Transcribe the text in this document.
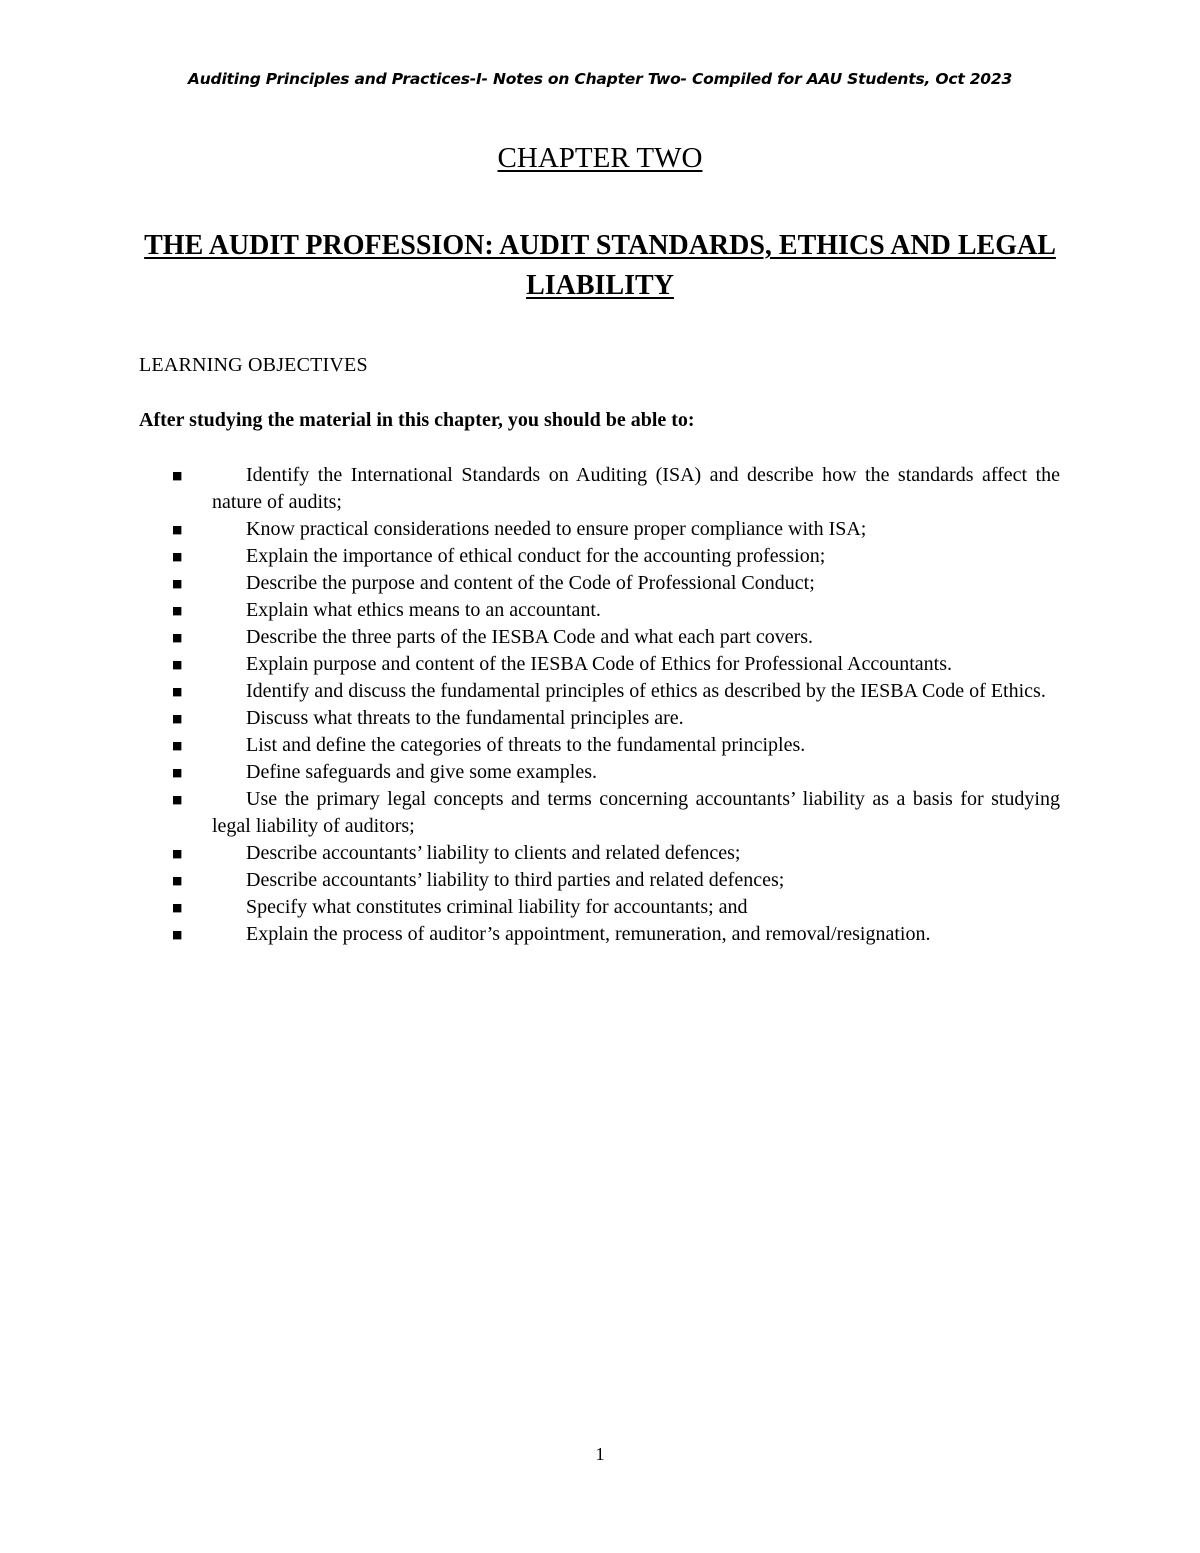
Auditing Principles and Practices-I- Notes on Chapter Two- Compiled for AAU Students, Oct 2023
CHAPTER TWO
THE AUDIT PROFESSION: AUDIT STANDARDS, ETHICS AND LEGAL LIABILITY
LEARNING OBJECTIVES
After studying the material in this chapter, you should be able to:
■	Identify the International Standards on Auditing (ISA) and describe how the standards affect the nature of audits;
■	Know practical considerations needed to ensure proper compliance with ISA;
■	Explain the importance of ethical conduct for the accounting profession;
■	Describe the purpose and content of the Code of Professional Conduct;
■	Explain what ethics means to an accountant.
■	Describe the three parts of the IESBA Code and what each part covers.
■	Explain purpose and content of the IESBA Code of Ethics for Professional Accountants.
■	Identify and discuss the fundamental principles of ethics as described by the IESBA Code of Ethics.
■	Discuss what threats to the fundamental principles are.
■	List and define the categories of threats to the fundamental principles.
■	Define safeguards and give some examples.
■	Use the primary legal concepts and terms concerning accountants’ liability as a basis for studying legal liability of auditors;
■	Describe accountants’ liability to clients and related defences;
■	Describe accountants’ liability to third parties and related defences;
■	Specify what constitutes criminal liability for accountants; and
■	Explain the process of auditor’s appointment, remuneration, and removal/resignation.
1
